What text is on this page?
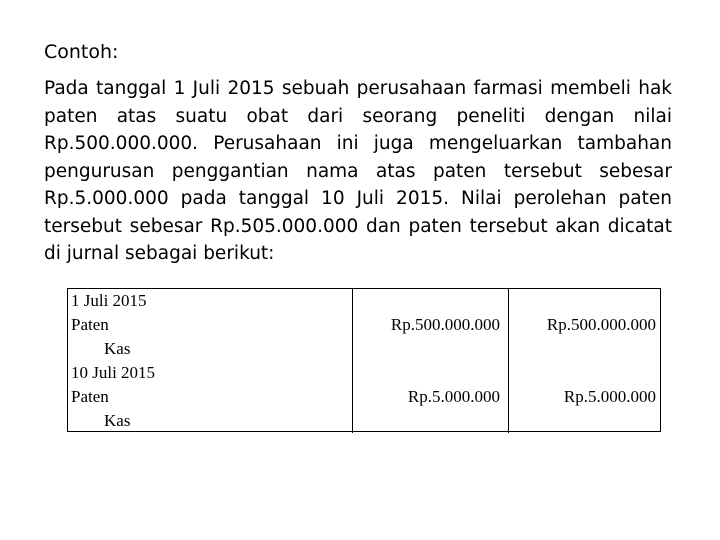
Contoh:

Pada tanggal 1 Juli 2015 sebuah perusahaan farmasi membeli hak paten atas suatu obat dari seorang peneliti dengan nilai Rp.500.000.000. Perusahaan ini juga mengeluarkan tambahan pengurusan penggantian nama atas paten tersebut sebesar Rp.5.000.000 pada tanggal 10 Juli 2015. Nilai perolehan paten tersebut sebesar Rp.505.000.000 dan paten tersebut akan dicatat di jurnal sebagai berikut:

1 Juli 2015
Paten
Kas
Rp.500.000.000	Rp.500.000.000
10 Juli 2015
Paten
Kas
Rp.5.000.000	Rp.5.000.000
